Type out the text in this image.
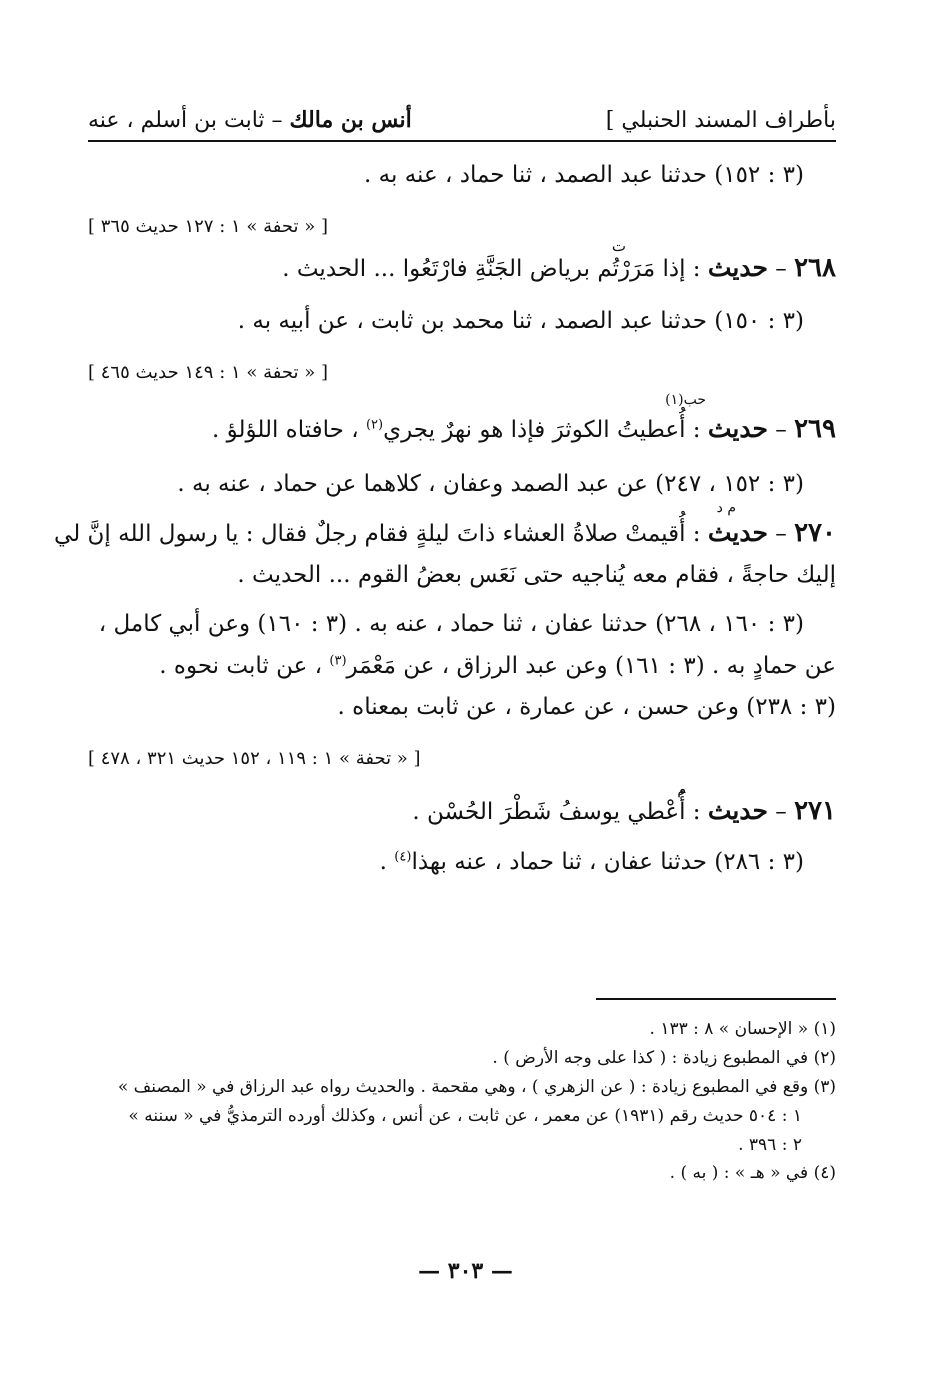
بأطراف المسند الحنبلي ]
أنس بن مالك – ثابت بن أسلم ، عنه
(٣ : ١٥٢) حدثنا عبد الصمد ، ثنا حماد ، عنه به .
[ « تحفة » ١ : ١٢٧ حديث ٣٦٥ ]
ت
٢٦٨ – حديث : إذا مَرَرْتُم برياض الجَنَّةِ فارْتَعُوا ... الحديث .
(٣ : ١٥٠) حدثنا عبد الصمد ، ثنا محمد بن ثابت ، عن أبيه به .
[ « تحفة » ١ : ١٤٩ حديث ٤٦٥ ]
حب(١)
٢٦٩ – حديث : أُعطيتُ الكوثرَ فإذا هو نهرٌ يجري$^{(٢)}$ ، حافتاه اللؤلؤ .
(٣ : ١٥٢ ، ٢٤٧) عن عبد الصمد وعفان ، كلاهما عن حماد ، عنه به .
م د
٢٧٠ – حديث : أُقيمتْ صلاةُ العشاء ذاتَ ليلةٍ فقام رجلٌ فقال : يا رسول الله إنَّ لي
إليك حاجةً ، فقام معه يُناجيه حتى نَعَس بعضُ القوم ... الحديث .
(٣ : ١٦٠ ، ٢٦٨) حدثنا عفان ، ثنا حماد ، عنه به . (٣ : ١٦٠) وعن أبي كامل ،
عن حمادٍ به . (٣ : ١٦١) وعن عبد الرزاق ، عن مَعْمَر$^{(٣)}$ ، عن ثابت نحوه .
(٣ : ٢٣٨) وعن حسن ، عن عمارة ، عن ثابت بمعناه .
[ « تحفة » ١ : ١١٩ ، ١٥٢ حديث ٣٢١ ، ٤٧٨ ]
م
٢٧١ – حديث : أُعْطي يوسفُ شَطْرَ الحُسْن .
(٣ : ٢٨٦) حدثنا عفان ، ثنا حماد ، عنه بهذا$^{(٤)}$ .
(١) « الإحسان » ٨ : ١٣٣ .
(٢) في المطبوع زيادة : ( كذا على وجه الأرض ) .
(٣) وقع في المطبوع زيادة : ( عن الزهري ) ، وهي مقحمة . والحديث رواه عبد الرزاق في « المصنف »
١ : ٥٠٤ حديث رقم (١٩٣١) عن معمر ، عن ثابت ، عن أنس ، وكذلك أورده الترمذيُّ في « سننه »
٢ : ٣٩٦ .
(٤) في « هـ » : ( به ) .
— ٣٠٣ —
